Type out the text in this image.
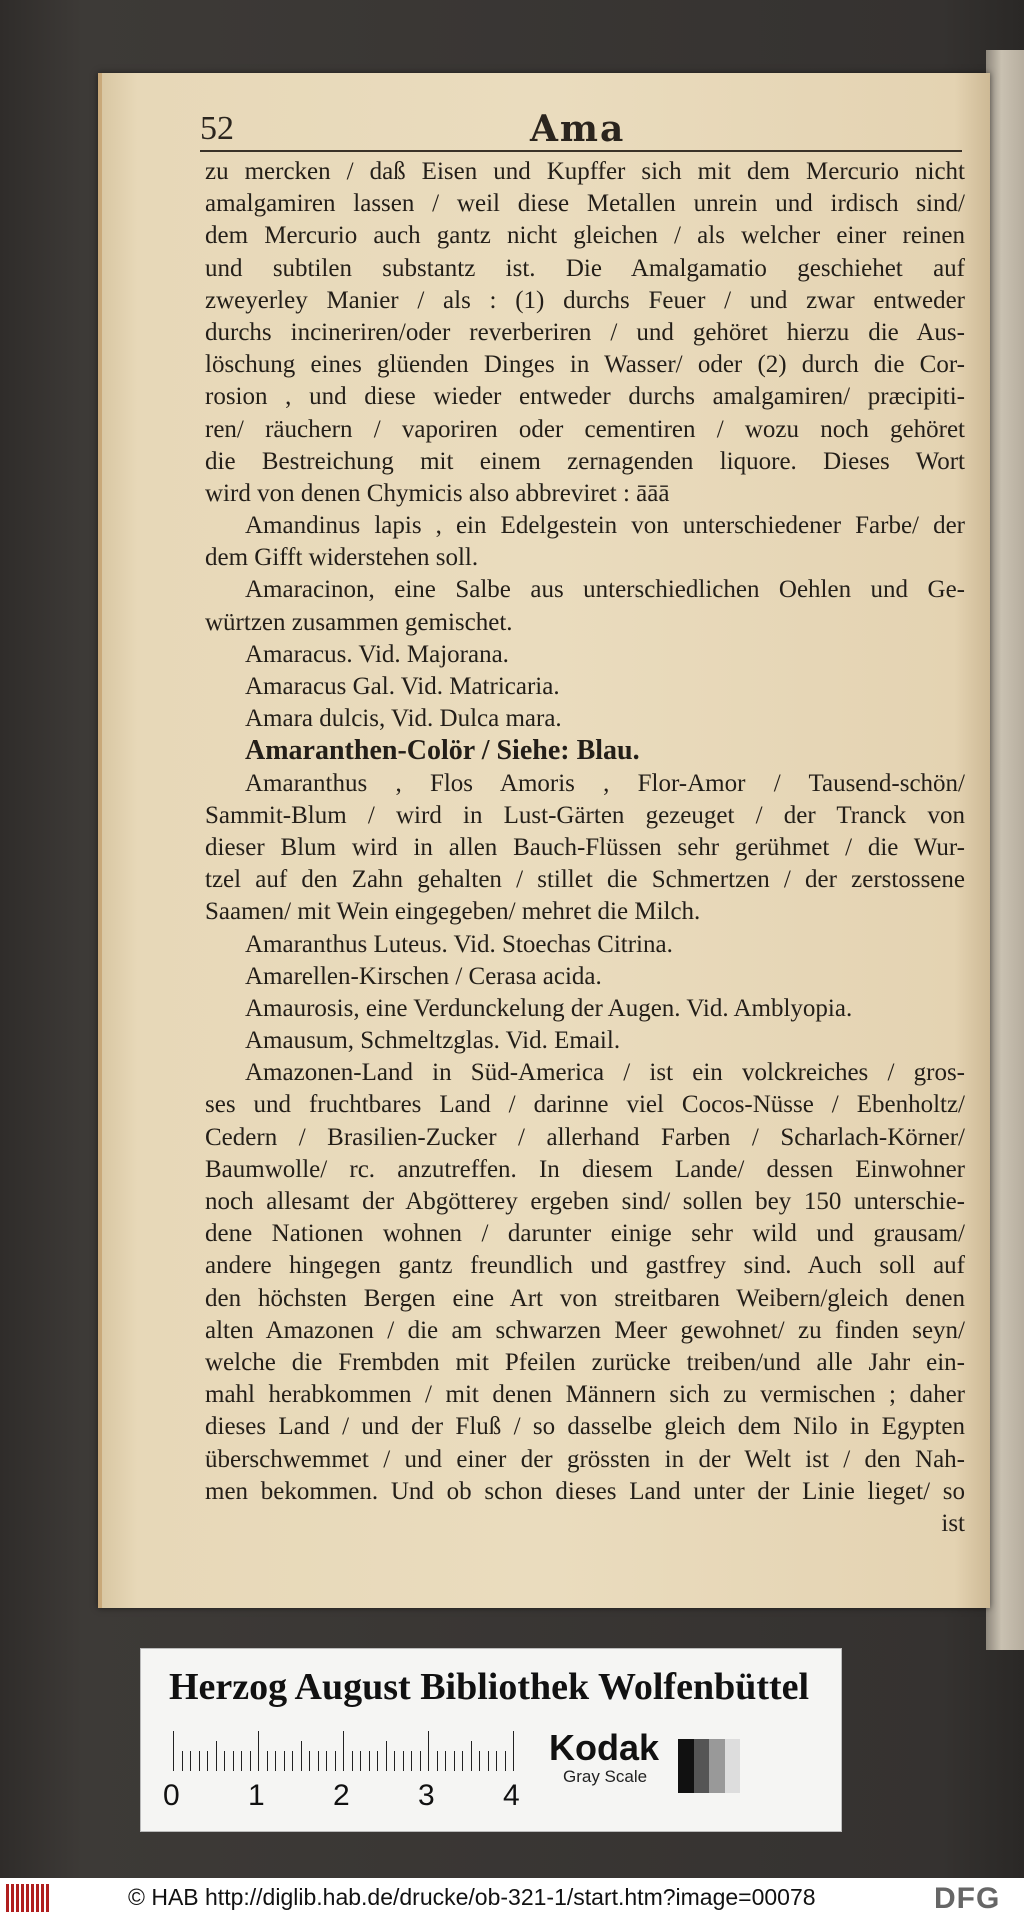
52	Ama
zu mercken / daß Eisen und Kupffer sich mit dem Mercurio nicht
amalgamiren lassen / weil diese Metallen unrein und irdisch sind/
dem Mercurio auch gantz nicht gleichen / als welcher einer reinen
und subtilen substantz ist. Die Amalgamatio geschiehet auf
zweyerley Manier / als : (1) durchs Feuer / und zwar entweder
durchs incineriren/oder reverberiren / und gehöret hierzu die Aus-
löschung eines glüenden Dinges in Wasser/ oder (2) durch die Cor-
rosion , und diese wieder entweder durchs amalgamiren/ præcipiti-
ren/ räuchern / vaporiren oder cementiren / wozu noch gehöret
die Bestreichung mit einem zernagenden liquore. Dieses Wort
wird von denen Chymicis also abbreviret : āāā
Amandinus lapis , ein Edelgestein von unterschiedener Farbe/ der
dem Gifft widerstehen soll.
Amaracinon, eine Salbe aus unterschiedlichen Oehlen und Ge-
würtzen zusammen gemischet.
Amaracus. Vid. Majorana.
Amaracus Gal. Vid. Matricaria.
Amara dulcis, Vid. Dulca mara.
Amaranthen-Colör / Siehe: Blau.
Amaranthus , Flos Amoris , Flor-Amor / Tausend-schön/
Sammit-Blum / wird in Lust-Gärten gezeuget / der Tranck von
dieser Blum wird in allen Bauch-Flüssen sehr gerühmet / die Wur-
tzel auf den Zahn gehalten / stillet die Schmertzen / der zerstossene
Saamen/ mit Wein eingegeben/ mehret die Milch.
Amaranthus Luteus. Vid. Stoechas Citrina.
Amarellen-Kirschen / Cerasa acida.
Amaurosis, eine Verdunckelung der Augen. Vid. Amblyopia.
Amausum, Schmeltzglas. Vid. Email.
Amazonen-Land in Süd-America / ist ein volckreiches / gros-
ses und fruchtbares Land / darinne viel Cocos-Nüsse / Ebenholtz/
Cedern / Brasilien-Zucker / allerhand Farben / Scharlach-Körner/
Baumwolle/ rc. anzutreffen. In diesem Lande/ dessen Einwohner
noch allesamt der Abgötterey ergeben sind/ sollen bey 150 unterschie-
dene Nationen wohnen / darunter einige sehr wild und grausam/
andere hingegen gantz freundlich und gastfrey sind. Auch soll auf
den höchsten Bergen eine Art von streitbaren Weibern/gleich denen
alten Amazonen / die am schwarzen Meer gewohnet/ zu finden seyn/
welche die Frembden mit Pfeilen zurücke treiben/und alle Jahr ein-
mahl herabkommen / mit denen Männern sich zu vermischen ; daher
dieses Land / und der Fluß / so dasselbe gleich dem Nilo in Egypten
überschwemmet / und einer der grössten in der Welt ist / den Nah-
men bekommen. Und ob schon dieses Land unter der Linie lieget/ so
ist
Herzog August Bibliothek Wolfenbüttel
0 1 2 3 4
Kodak
Gray Scale
© HAB http://diglib.hab.de/drucke/ob-321-1/start.htm?image=00078	DFG
